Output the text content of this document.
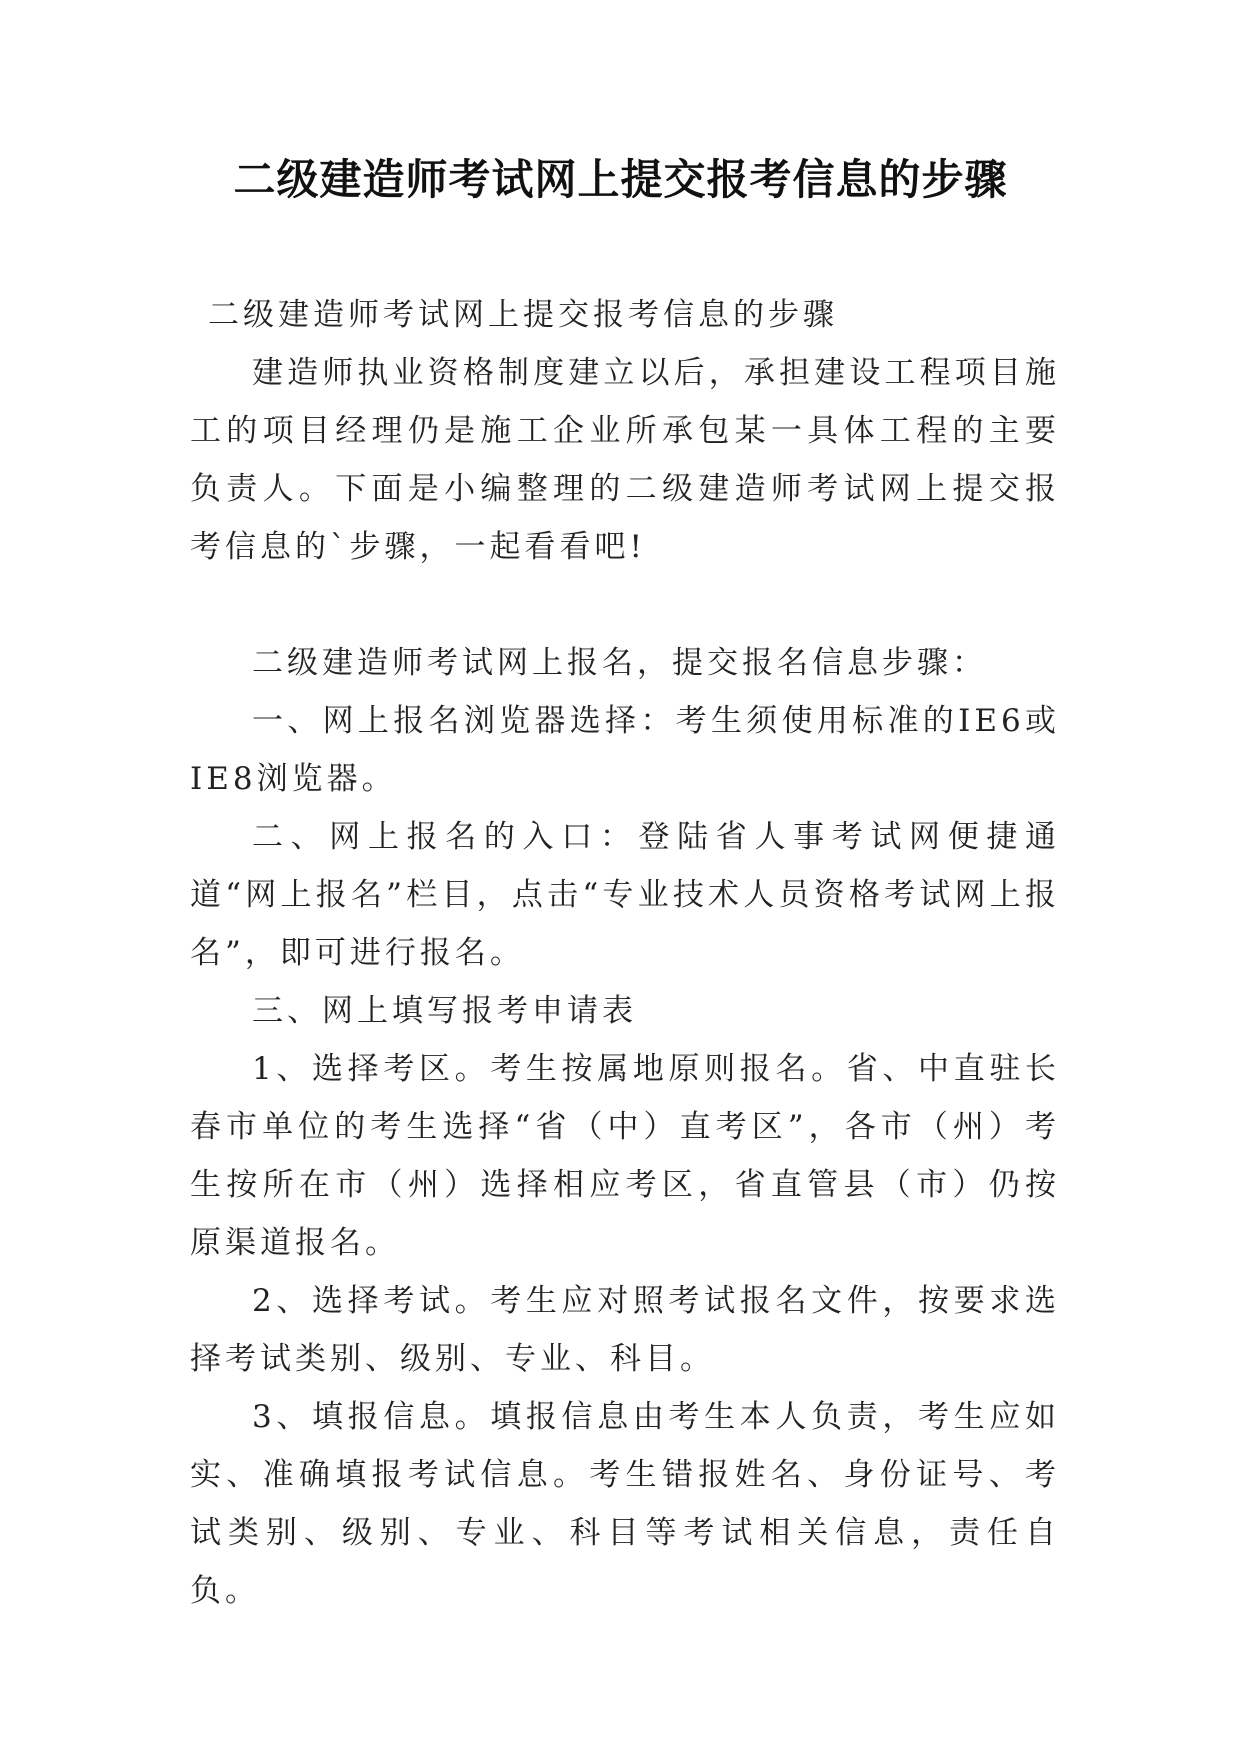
二级建造师考试网上提交报考信息的步骤

二级建造师考试网上提交报考信息的步骤

建造师执业资格制度建立以后，承担建设工程项目施工的项目经理仍是施工企业所承包某一具体工程的主要负责人。下面是小编整理的二级建造师考试网上提交报考信息的`步骤，一起看看吧!

二级建造师考试网上报名，提交报名信息步骤：

一、网上报名浏览器选择：考生须使用标准的IE6或IE8浏览器。

二、网上报名的入口：登陆省人事考试网便捷通道“网上报名”栏目，点击“专业技术人员资格考试网上报名”，即可进行报名。

三、网上填写报考申请表

1、选择考区。考生按属地原则报名。省、中直驻长春市单位的考生选择“省（中）直考区”，各市（州）考生按所在市（州）选择相应考区，省直管县（市）仍按原渠道报名。

2、选择考试。考生应对照考试报名文件，按要求选择考试类别、级别、专业、科目。

3、填报信息。填报信息由考生本人负责，考生应如实、准确填报考试信息。考生错报姓名、身份证号、考试类别、级别、专业、科目等考试相关信息，责任自负。
